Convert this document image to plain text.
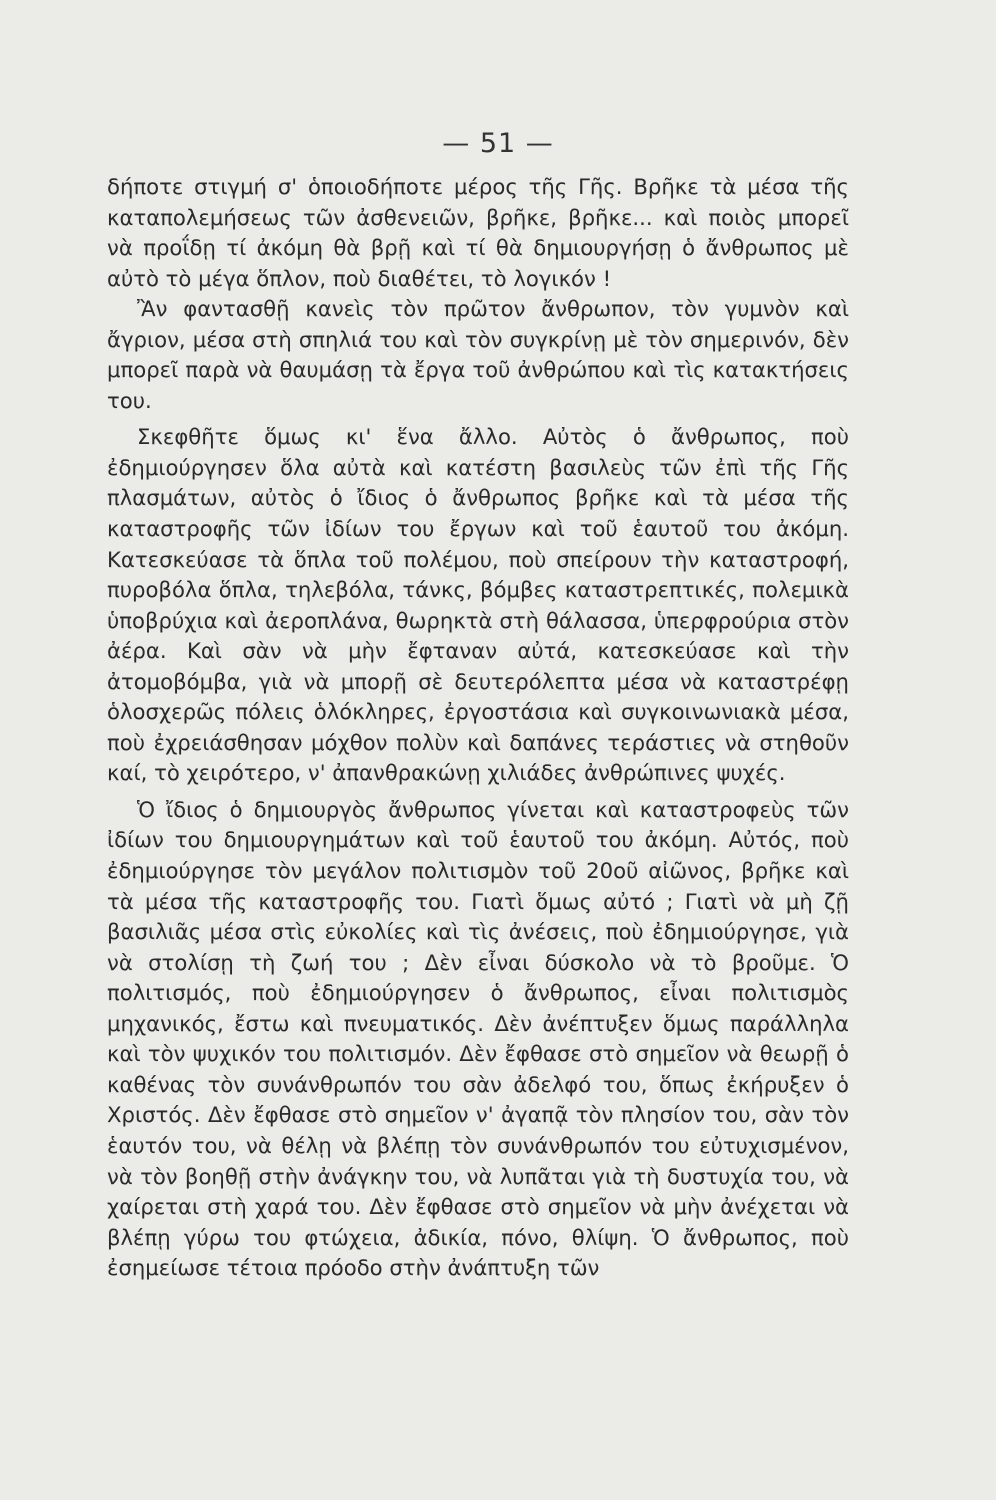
— 51 —

δήποτε στιγμή σ' ὁποιοδήποτε μέρος τῆς Γῆς. Βρῆκε τὰ μέσα τῆς καταπολεμήσεως τῶν ἀσθενειῶν, βρῆκε, βρῆκε... καὶ ποιὸς μπορεῖ νὰ προΐδῃ τί ἀκόμη θὰ βρῇ καὶ τί θὰ δημιουργήσῃ ὁ ἄνθρωπος μὲ αὐτὸ τὸ μέγα ὅπλον, ποὺ διαθέτει, τὸ λογικόν !

Ἂν φαντασθῇ κανεὶς τὸν πρῶτον ἄνθρωπον, τὸν γυμνὸν καὶ ἄγριον, μέσα στὴ σπηλιά του καὶ τὸν συγκρίνῃ μὲ τὸν σημερινόν, δὲν μπορεῖ παρὰ νὰ θαυμάσῃ τὰ ἔργα τοῦ ἀνθρώπου καὶ τὶς κατακτήσεις του.

Σκεφθῆτε ὅμως κι' ἕνα ἄλλο. Αὐτὸς ὁ ἄνθρωπος, ποὺ ἐδημιούργησεν ὅλα αὐτὰ καὶ κατέστη βασιλεὺς τῶν ἐπὶ τῆς Γῆς πλασμάτων, αὐτὸς ὁ ἴδιος ὁ ἄνθρωπος βρῆκε καὶ τὰ μέσα τῆς καταστροφῆς τῶν ἰδίων του ἔργων καὶ τοῦ ἑαυτοῦ του ἀκόμη. Κατεσκεύασε τὰ ὅπλα τοῦ πολέμου, ποὺ σπείρουν τὴν καταστροφή, πυροβόλα ὅπλα, τηλεβόλα, τάνκς, βόμβες καταστρεπτικές, πολεμικὰ ὑποβρύχια καὶ ἀεροπλάνα, θωρηκτὰ στὴ θάλασσα, ὑπερφρούρια στὸν ἀέρα. Καὶ σὰν νὰ μὴν ἔφταναν αὐτά, κατεσκεύασε καὶ τὴν ἀτομοβόμβα, γιὰ νὰ μπορῇ σὲ δευτερόλεπτα μέσα νὰ καταστρέφῃ ὁλοσχερῶς πόλεις ὁλόκληρες, ἐργοστάσια καὶ συγκοινωνιακὰ μέσα, ποὺ ἐχρειάσθησαν μόχθον πολὺν καὶ δαπάνες τεράστιες νὰ στηθοῦν καί, τὸ χειρότερο, ν' ἀπανθρακώνῃ χιλιάδες ἀνθρώπινες ψυχές.

Ὁ ἴδιος ὁ δημιουργὸς ἄνθρωπος γίνεται καὶ καταστροφεὺς τῶν ἰδίων του δημιουργημάτων καὶ τοῦ ἑαυτοῦ του ἀκόμη. Αὐτός, ποὺ ἐδημιούργησε τὸν μεγάλον πολιτισμὸν τοῦ 20οῦ αἰῶνος, βρῆκε καὶ τὰ μέσα τῆς καταστροφῆς του. Γιατὶ ὅμως αὐτό ; Γιατὶ νὰ μὴ ζῇ βασιλιᾶς μέσα στὶς εὐκολίες καὶ τὶς ἀνέσεις, ποὺ ἐδημιούργησε, γιὰ νὰ στολίσῃ τὴ ζωή του ; Δὲν εἶναι δύσκολο νὰ τὸ βροῦμε. Ὁ πολιτισμός, ποὺ ἐδημιούργησεν ὁ ἄνθρωπος, εἶναι πολιτισμὸς μηχανικός, ἔστω καὶ πνευματικός. Δὲν ἀνέπτυξεν ὅμως παράλληλα καὶ τὸν ψυχικόν του πολιτισμόν. Δὲν ἔφθασε στὸ σημεῖον νὰ θεωρῇ ὁ καθένας τὸν συνάνθρωπόν του σὰν ἀδελφό του, ὅπως ἐκήρυξεν ὁ Χριστός. Δὲν ἔφθασε στὸ σημεῖον ν' ἀγαπᾷ τὸν πλησίον του, σὰν τὸν ἑαυτόν του, νὰ θέλῃ νὰ βλέπῃ τὸν συνάνθρωπόν του εὐτυχισμένον, νὰ τὸν βοηθῇ στὴν ἀνάγκην του, νὰ λυπᾶται γιὰ τὴ δυστυχία του, νὰ χαίρεται στὴ χαρά του. Δὲν ἔφθασε στὸ σημεῖον νὰ μὴν ἀνέχεται νὰ βλέπῃ γύρω του φτώχεια, ἀδικία, πόνο, θλίψη. Ὁ ἄνθρωπος, ποὺ ἐσημείωσε τέτοια πρόοδο στὴν ἀνάπτυξη τῶν
